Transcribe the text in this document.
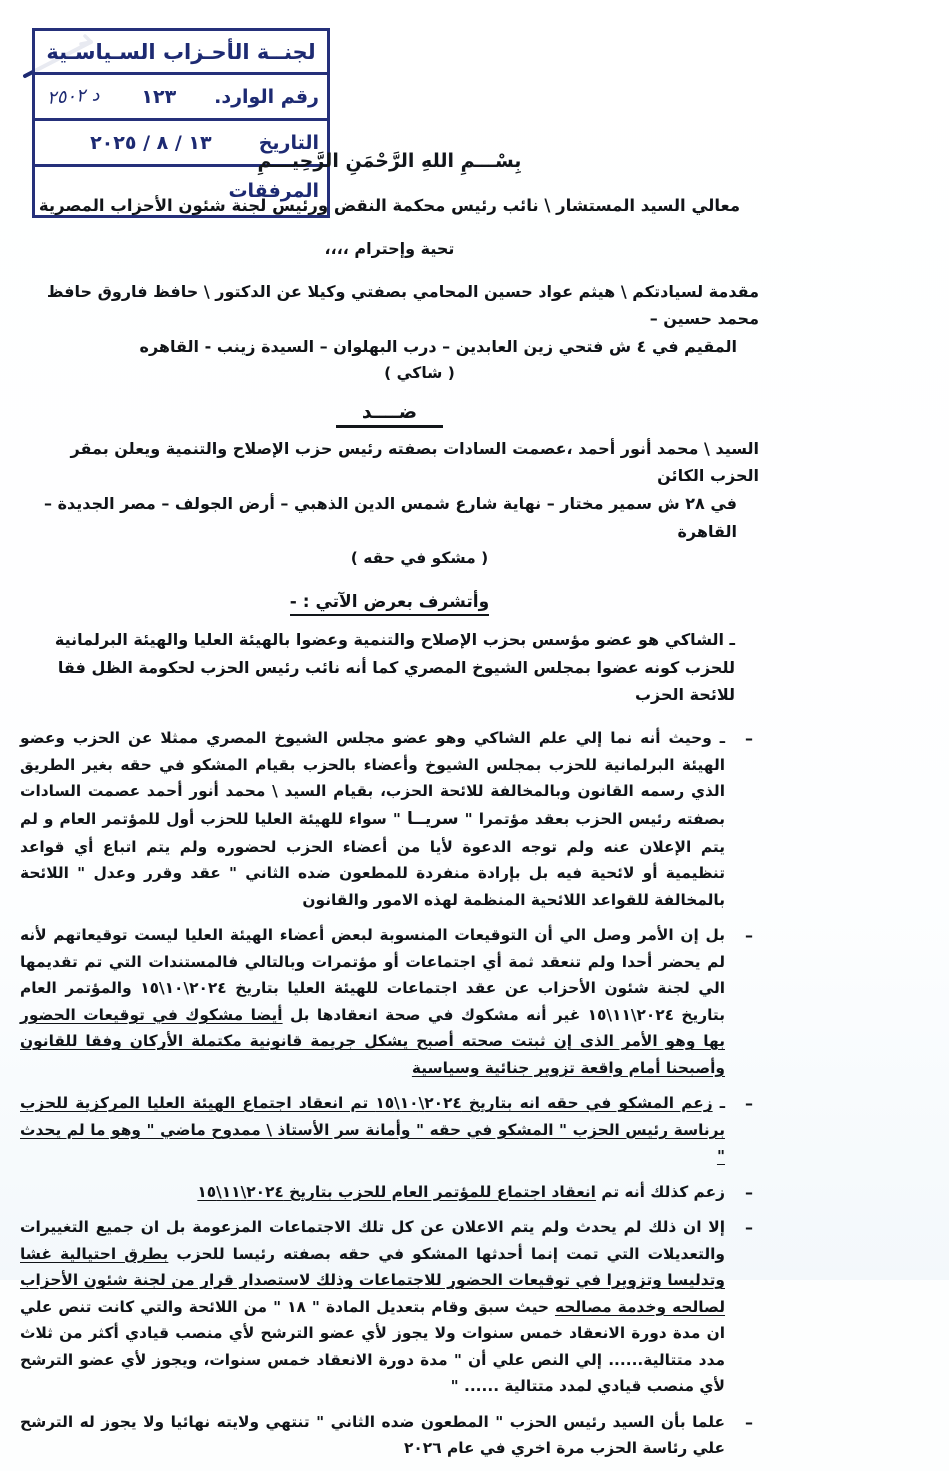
لجنــة الأحـزاب السـياسـية
رقم الوارد.
١٢٣
د ٢٥٠٢
التاريخ
١٣ / ٨ / ٢٠٢٥
المرفقات
بِسْـــمِ اللهِ الرَّحْمَنِ الرَّحِيـــمِ
معالي السيد المستشار \ نائب رئيس محكمة النقض ورئيس لجنة شئون الأحزاب المصرية
تحية وإحترام ،،،،
مقدمة لسيادتكم \ هيثم عواد حسين المحامي بصفتي وكيلا عن الدكتور \ حافظ فاروق حافظ محمد حسين –
المقيم في ٤ ش فتحي زين العابدين – درب البهلوان – السيدة زينب - القاهره
( شاكي )
ضــــد
السيد \ محمد أنور أحمد ،عصمت السادات بصفته رئيس حزب الإصلاح والتنمية ويعلن بمقر الحزب الكائن
في ٢٨ ش سمير مختار – نهاية شارع شمس الدين الذهبي – أرض الجولف – مصر الجديدة – القاهرة
( مشكو في حقه )
وأتشرف بعرض الآتي : -
ـ الشاكي هو عضو مؤسس بحزب الإصلاح والتنمية وعضوا بالهيئة العليا والهيئة البرلمانية للحزب كونه عضوا بمجلس الشيوخ المصري كما أنه نائب رئيس الحزب لحكومة الظل فقا للائحة الحزب
– ـ وحيث أنه نما إلي علم الشاكي وهو عضو مجلس الشيوخ المصري ممثلا عن الحزب وعضو الهيئة البرلمانية للحزب بمجلس الشيوخ وأعضاء بالحزب بقيام المشكو في حقه بغير الطريق الذي رسمه القانون وبالمخالفة للائحة الحزب، بقيام السيد \ محمد أنور أحمد عصمت السادات بصفته رئيس الحزب بعقد مؤتمرا " سريــا " سواء للهيئة العليا للحزب أول للمؤتمر العام و لم يتم الإعلان عنه ولم توجه الدعوة لأيا من أعضاء الحزب لحضوره ولم يتم اتباع أي قواعد تنظيمية أو لائحية فيه بل بإرادة منفردة للمطعون ضده الثاني " عقد وقرر وعدل " اللائحة بالمخالفة للقواعد اللائحية المنظمة لهذه الامور والقانون
– بل إن الأمر وصل الي أن التوقيعات المنسوبة لبعض أعضاء الهيئة العليا ليست توقيعاتهم لأنه لم يحضر أحدا ولم تنعقد ثمة أي اجتماعات أو مؤتمرات وبالتالي فالمستندات التي تم تقديمها الي لجنة شئون الأحزاب عن عقد اجتماعات للهيئة العليا بتاريخ ٢٠٢٤\١٠\١٥ والمؤتمر العام بتاريخ ٢٠٢٤\١١\١٥ غير أنه مشكوك في صحة انعقادها بل أيضا مشكوك في توقيعات الحضور بها وهو الأمر الذى إن ثبتت صحته أصبح يشكل جريمة قانونية مكتملة الأركان وفقا للقانون وأصبحنا أمام واقعة تزوير جنائية وسياسية
– ـ زعم المشكو في حقه انه بتاريخ ٢٠٢٤\١٠\١٥ تم انعقاد اجتماع الهيئة العليا المركزية للحزب برناسة رئيس الحزب " المشكو في حقه " وأمانة سر الأستاذ \ ممدوح ماضي " وهو ما لم يحدث "
– زعم كذلك أنه تم انعقاد اجتماع للمؤتمر العام للحزب بتاريخ ٢٠٢٤\١١\١٥
– إلا ان ذلك لم يحدث ولم يتم الاعلان عن كل تلك الاجتماعات المزعومة بل ان جميع التغييرات والتعديلات التي تمت إنما أحدثها المشكو في حقه بصفته رئيسا للحزب بطرق احتيالية غشا وتدليسا وتزويرا في توقيعات الحضور للاجتماعات وذلك لاستصدار قرار من لجنة شئون الأحزاب لصالحه وخدمة مصالحه حيث سبق وقام بتعديل المادة " ١٨ " من اللائحة والتي كانت تنص علي ان مدة دورة الانعقاد خمس سنوات ولا يجوز لأي عضو الترشح لأي منصب قيادي أكثر من ثلاث مدد متتالية...... إلي النص علي أن " مدة دورة الانعقاد خمس سنوات، ويجوز لأي عضو الترشح لأي منصب قيادي لمدد متتالية ...... "
– علما بأن السيد رئيس الحزب " المطعون ضده الثاني " تنتهي ولايته نهائيا ولا يجوز له الترشح علي رئاسة الحزب مرة اخري في عام ٢٠٢٦
